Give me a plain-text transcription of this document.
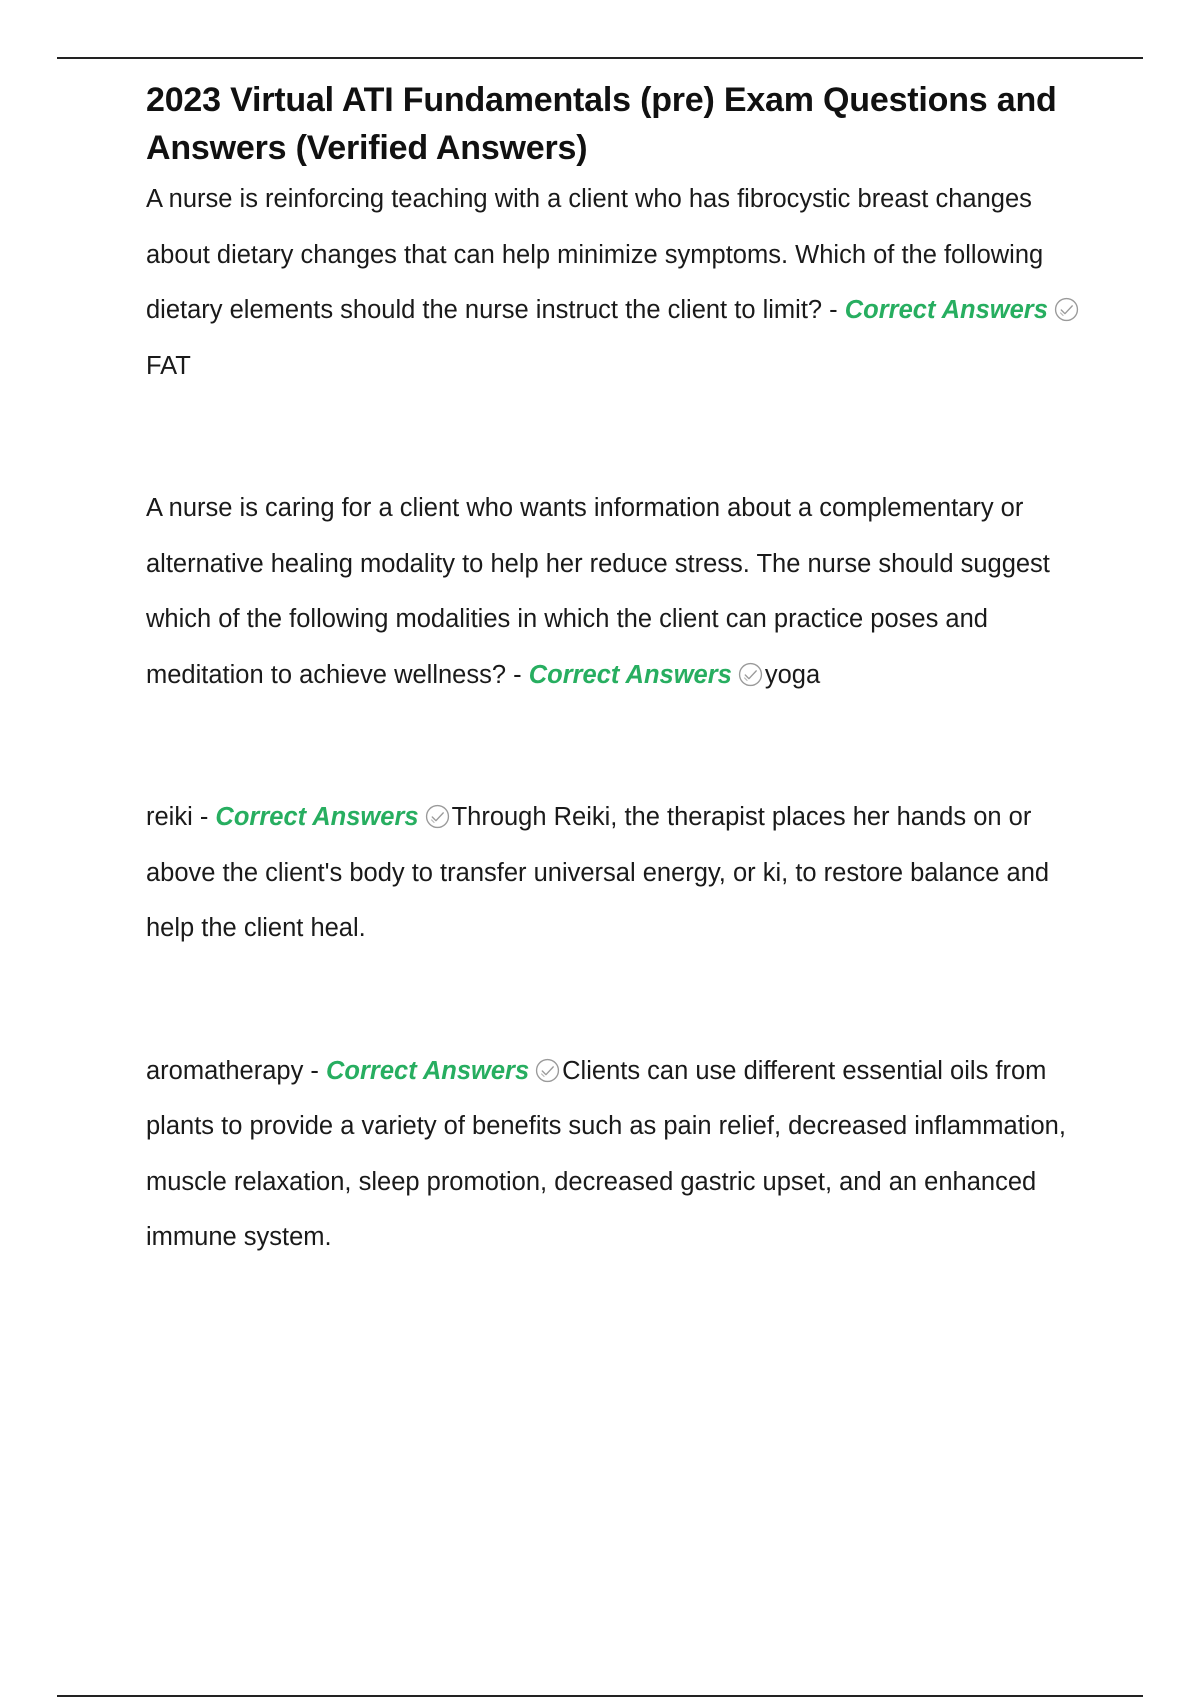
2023 Virtual ATI Fundamentals (pre) Exam Questions and Answers (Verified Answers)

A nurse is reinforcing teaching with a client who has fibrocystic breast changes about dietary changes that can help minimize symptoms. Which of the following dietary elements should the nurse instruct the client to limit? - Correct Answers
FAT

A nurse is caring for a client who wants information about a complementary or alternative healing modality to help her reduce stress. The nurse should suggest which of the following modalities in which the client can practice poses and meditation to achieve wellness? - Correct Answers yoga

reiki - Correct Answers Through Reiki, the therapist places her hands on or above the client's body to transfer universal energy, or ki, to restore balance and help the client heal.

aromatherapy - Correct Answers Clients can use different essential oils from plants to provide a variety of benefits such as pain relief, decreased inflammation, muscle relaxation, sleep promotion, decreased gastric upset, and an enhanced immune system.
